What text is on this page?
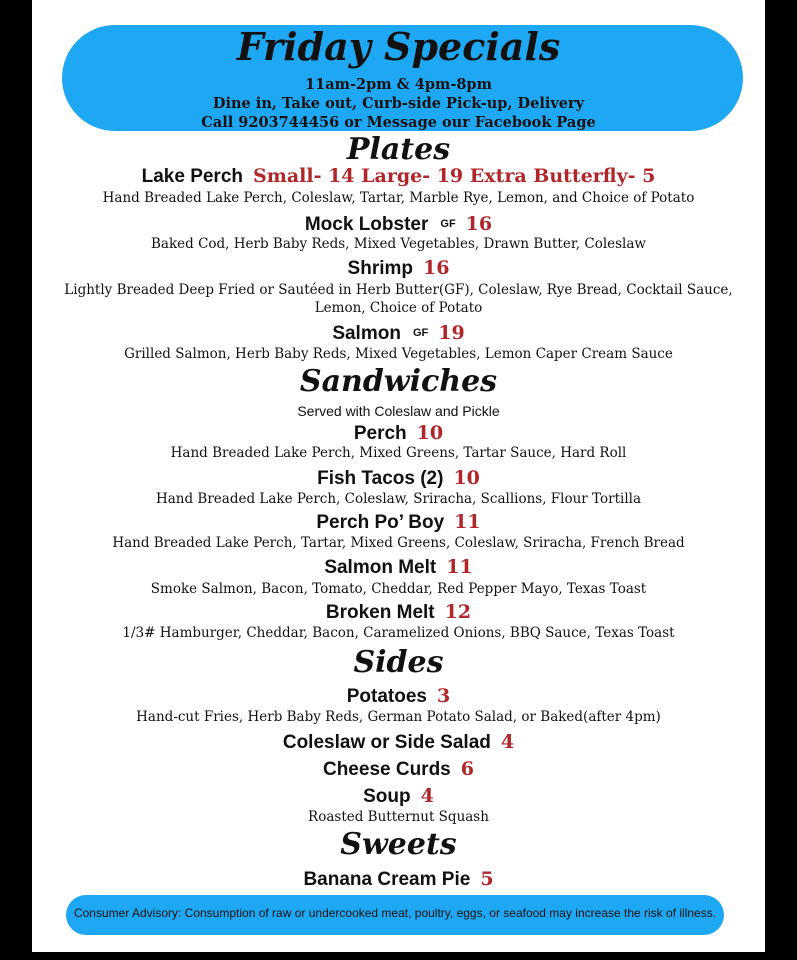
Friday Specials
11am-2pm & 4pm-8pm
Dine in, Take out, Curb-side Pick-up, Delivery
Call 9203744456 or Message our Facebook Page
Plates
Lake Perch Small- 14 Large- 19 Extra Butterfly- 5
Hand Breaded Lake Perch, Coleslaw, Tartar, Marble Rye, Lemon, and Choice of Potato
Mock Lobster GF 16
Baked Cod, Herb Baby Reds, Mixed Vegetables, Drawn Butter, Coleslaw
Shrimp 16
Lightly Breaded Deep Fried or Sautéed in Herb Butter(GF), Coleslaw, Rye Bread, Cocktail Sauce,
Lemon, Choice of Potato
Salmon GF 19
Grilled Salmon, Herb Baby Reds, Mixed Vegetables, Lemon Caper Cream Sauce
Sandwiches
Served with Coleslaw and Pickle
Perch 10
Hand Breaded Lake Perch, Mixed Greens, Tartar Sauce, Hard Roll
Fish Tacos (2) 10
Hand Breaded Lake Perch, Coleslaw, Sriracha, Scallions, Flour Tortilla
Perch Po’ Boy 11
Hand Breaded Lake Perch, Tartar, Mixed Greens, Coleslaw, Sriracha, French Bread
Salmon Melt 11
Smoke Salmon, Bacon, Tomato, Cheddar, Red Pepper Mayo, Texas Toast
Broken Melt 12
1/3# Hamburger, Cheddar, Bacon, Caramelized Onions, BBQ Sauce, Texas Toast
Sides
Potatoes 3
Hand-cut Fries, Herb Baby Reds, German Potato Salad, or Baked(after 4pm)
Coleslaw or Side Salad 4
Cheese Curds 6
Soup 4
Roasted Butternut Squash
Sweets
Banana Cream Pie 5
Consumer Advisory: Consumption of raw or undercooked meat, poultry, eggs, or seafood may increase the risk of illness.
